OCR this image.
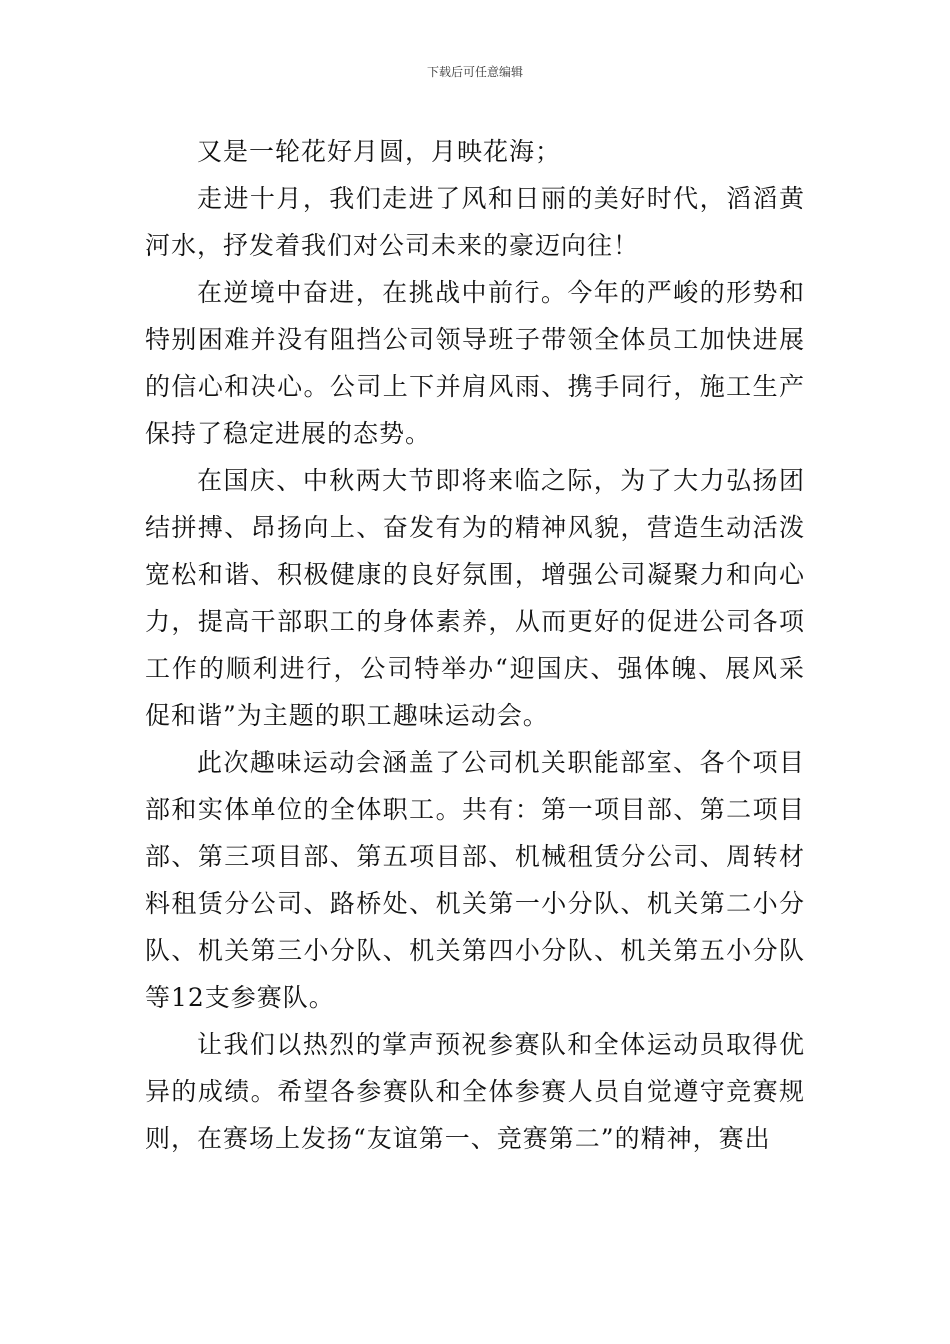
下载后可任意编辑

又是一轮花好月圆，月映花海；

走进十月，我们走进了风和日丽的美好时代，滔滔黄河水，抒发着我们对公司未来的豪迈向往！

在逆境中奋进，在挑战中前行。今年的严峻的形势和特别困难并没有阻挡公司领导班子带领全体员工加快进展的信心和决心。公司上下并肩风雨、携手同行，施工生产保持了稳定进展的态势。

在国庆、中秋两大节即将来临之际，为了大力弘扬团结拼搏、昂扬向上、奋发有为的精神风貌，营造生动活泼宽松和谐、积极健康的良好氛围，增强公司凝聚力和向心力，提高干部职工的身体素养，从而更好的促进公司各项工作的顺利进行，公司特举办“迎国庆、强体魄、展风采促和谐”为主题的职工趣味运动会。

此次趣味运动会涵盖了公司机关职能部室、各个项目部和实体单位的全体职工。共有：第一项目部、第二项目部、第三项目部、第五项目部、机械租赁分公司、周转材料租赁分公司、路桥处、机关第一小分队、机关第二小分队、机关第三小分队、机关第四小分队、机关第五小分队等12支参赛队。

让我们以热烈的掌声预祝参赛队和全体运动员取得优异的成绩。希望各参赛队和全体参赛人员自觉遵守竞赛规则，在赛场上发扬“友谊第一、竞赛第二”的精神，赛出
